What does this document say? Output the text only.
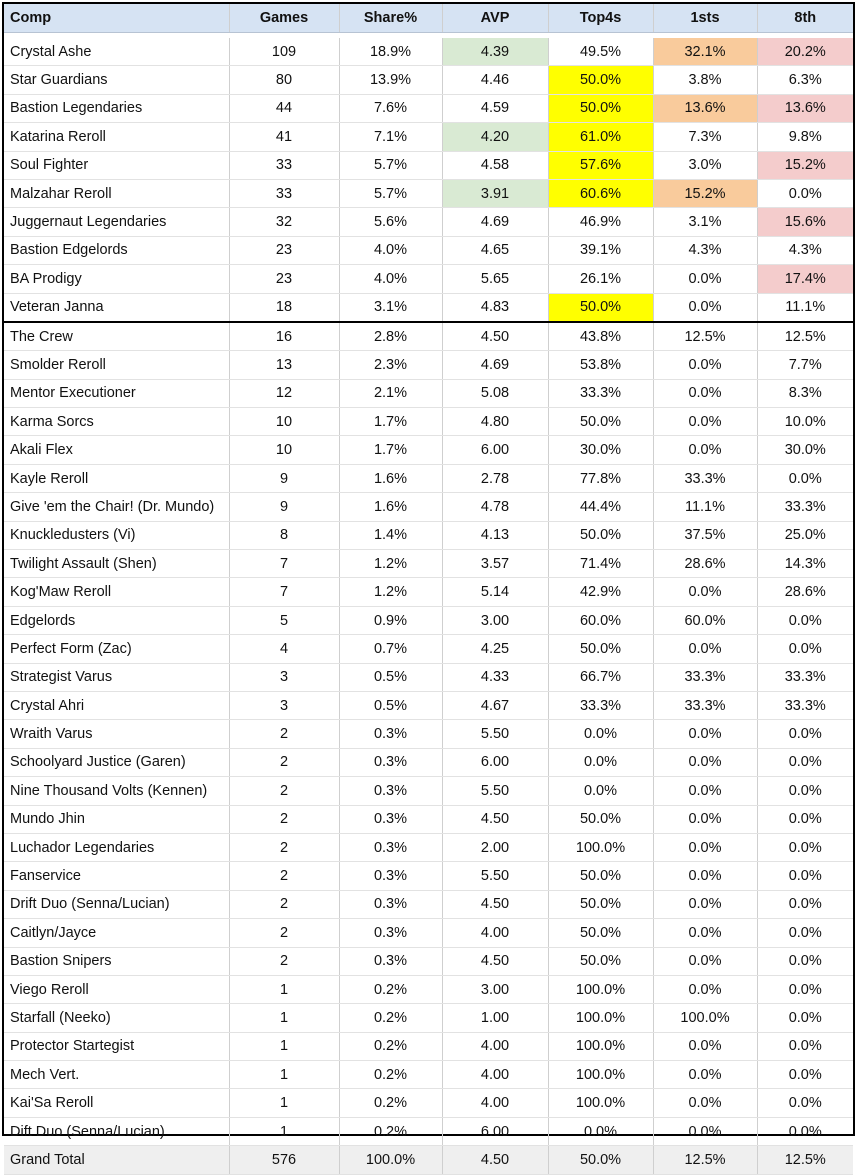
Comp	Games	Share%	AVP	Top4s	1sts	8th

Crystal Ashe	109	18.9%	4.39	49.5%	32.1%	20.2%
Star Guardians	80	13.9%	4.46	50.0%	3.8%	6.3%
Bastion Legendaries	44	7.6%	4.59	50.0%	13.6%	13.6%
Katarina Reroll	41	7.1%	4.20	61.0%	7.3%	9.8%
Soul Fighter	33	5.7%	4.58	57.6%	3.0%	15.2%
Malzahar Reroll	33	5.7%	3.91	60.6%	15.2%	0.0%
Juggernaut Legendaries	32	5.6%	4.69	46.9%	3.1%	15.6%
Bastion Edgelords	23	4.0%	4.65	39.1%	4.3%	4.3%
BA Prodigy	23	4.0%	5.65	26.1%	0.0%	17.4%
Veteran Janna	18	3.1%	4.83	50.0%	0.0%	11.1%
The Crew	16	2.8%	4.50	43.8%	12.5%	12.5%
Smolder Reroll	13	2.3%	4.69	53.8%	0.0%	7.7%
Mentor Executioner	12	2.1%	5.08	33.3%	0.0%	8.3%
Karma Sorcs	10	1.7%	4.80	50.0%	0.0%	10.0%
Akali Flex	10	1.7%	6.00	30.0%	0.0%	30.0%
Kayle Reroll	9	1.6%	2.78	77.8%	33.3%	0.0%
Give 'em the Chair! (Dr. Mundo)	9	1.6%	4.78	44.4%	11.1%	33.3%
Knuckledusters (Vi)	8	1.4%	4.13	50.0%	37.5%	25.0%
Twilight Assault (Shen)	7	1.2%	3.57	71.4%	28.6%	14.3%
Kog'Maw Reroll	7	1.2%	5.14	42.9%	0.0%	28.6%
Edgelords	5	0.9%	3.00	60.0%	60.0%	0.0%
Perfect Form (Zac)	4	0.7%	4.25	50.0%	0.0%	0.0%
Strategist Varus	3	0.5%	4.33	66.7%	33.3%	33.3%
Crystal Ahri	3	0.5%	4.67	33.3%	33.3%	33.3%
Wraith Varus	2	0.3%	5.50	0.0%	0.0%	0.0%
Schoolyard Justice (Garen)	2	0.3%	6.00	0.0%	0.0%	0.0%
Nine Thousand Volts (Kennen)	2	0.3%	5.50	0.0%	0.0%	0.0%
Mundo Jhin	2	0.3%	4.50	50.0%	0.0%	0.0%
Luchador Legendaries	2	0.3%	2.00	100.0%	0.0%	0.0%
Fanservice	2	0.3%	5.50	50.0%	0.0%	0.0%
Drift Duo (Senna/Lucian)	2	0.3%	4.50	50.0%	0.0%	0.0%
Caitlyn/Jayce	2	0.3%	4.00	50.0%	0.0%	0.0%
Bastion Snipers	2	0.3%	4.50	50.0%	0.0%	0.0%
Viego Reroll	1	0.2%	3.00	100.0%	0.0%	0.0%
Starfall (Neeko)	1	0.2%	1.00	100.0%	100.0%	0.0%
Protector Startegist	1	0.2%	4.00	100.0%	0.0%	0.0%
Mech Vert.	1	0.2%	4.00	100.0%	0.0%	0.0%
Kai'Sa Reroll	1	0.2%	4.00	100.0%	0.0%	0.0%
Dift Duo (Senna/Lucian)	1	0.2%	6.00	0.0%	0.0%	0.0%
Grand Total	576	100.0%	4.50	50.0%	12.5%	12.5%
